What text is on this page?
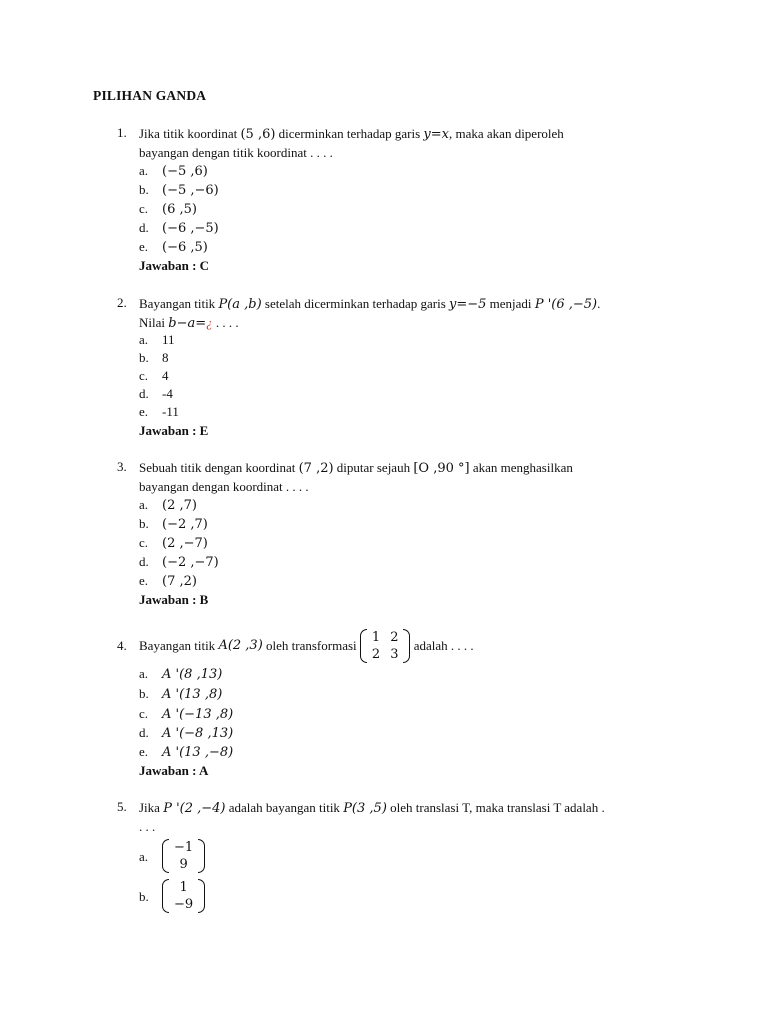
PILIHAN GANDA
1. Jika titik koordinat (5 ,6) dicerminkan terhadap garis y=x, maka akan diperoleh
bayangan dengan titik koordinat . . . .
a. (−5 ,6)
b. (−5 ,−6)
c. (6 ,5)
d. (−6 ,−5)
e. (−6 ,5)
Jawaban : C
2. Bayangan titik P(a ,b) setelah dicerminkan terhadap garis y=−5 menjadi P '(6 ,−5).
Nilai b−a=¿ . . . .
a. 11
b. 8
c. 4
d. -4
e. -11
Jawaban : E
3. Sebuah titik dengan koordinat (7 ,2) diputar sejauh [O ,90 °] akan menghasilkan
bayangan dengan koordinat . . . .
a. (2 ,7)
b. (−2 ,7)
c. (2 ,−7)
d. (−2 ,−7)
e. (7 ,2)
Jawaban : B
4. Bayangan titik
A(2 ,3)
oleh transformasi

1	2
2	3

adalah . . . .
a. A '(8 ,13)
b. A '(13 ,8)
c. A '(−13 ,8)
d. A '(−8 ,13)
e. A '(13 ,−8)
Jawaban : A
5. Jika P '(2 ,−4) adalah bayangan titik P(3 ,5) oleh translasi T, maka translasi T adalah .
. . .
a.
−1
9
b.
1
−9
